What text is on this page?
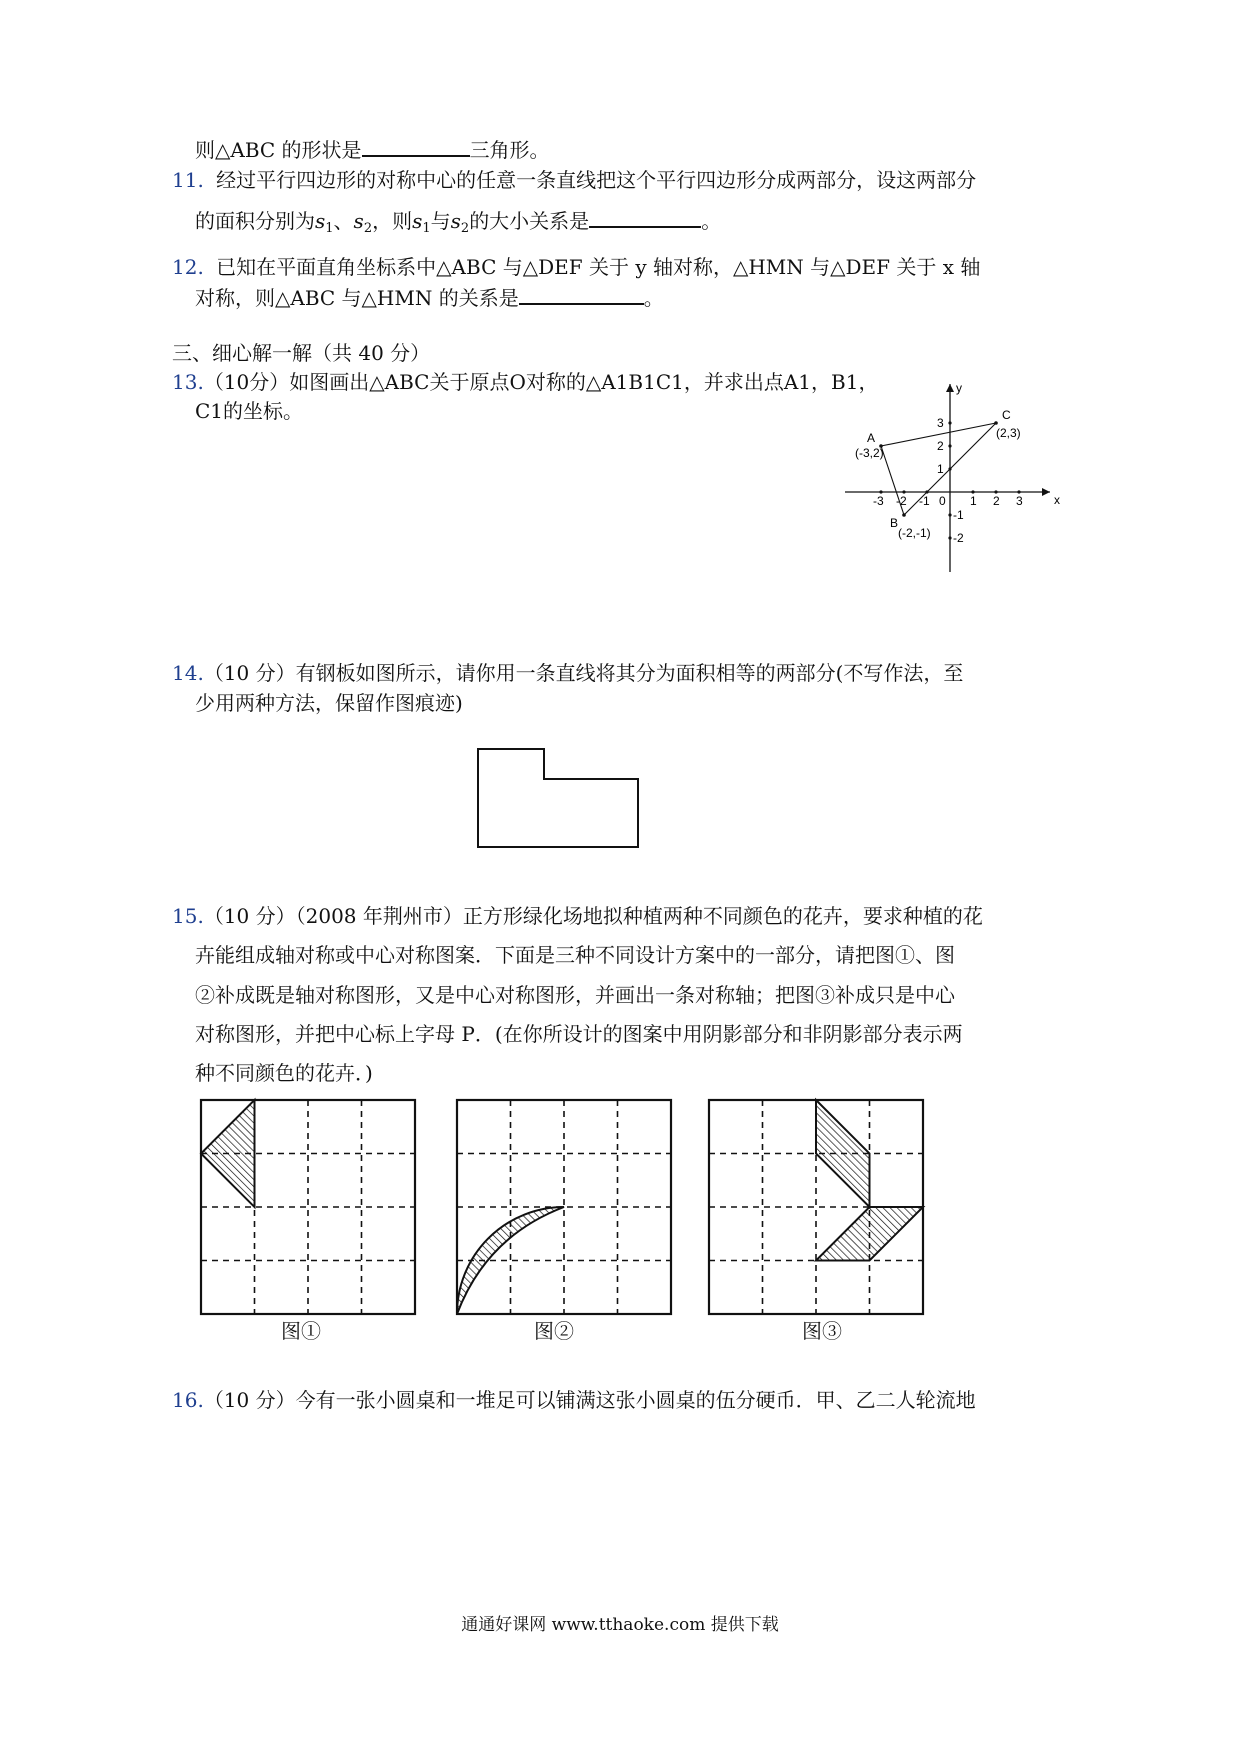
则△ABC 的形状是	三角形。
11. 经过平行四边形的对称中心的任意一条直线把这个平行四边形分成两部分，设这两部分
的面积分别为$s_1$、$s_2$，则$s_1$与$s_2$的大小关系是	。
12. 已知在平面直角坐标系中△ABC 与△DEF 关于 y 轴对称，△HMN 与△DEF 关于 x 轴
对称，则△ABC 与△HMN 的关系是	。
三、细心解一解（共 40 分）
13.（10分）如图画出△ABC关于原点O对称的△A1B1C1，并求出点A1，B1，
C1的坐标。
x
y
0
-3 -2 -1	1 2 3
3
2
1
-1
-2
A
(-3,2)
B
(-2,-1)
C
(2,3)
14.（10 分）有钢板如图所示，请你用一条直线将其分为面积相等的两部分(不写作法，至
少用两种方法，保留作图痕迹)
15.（10 分）（2008 年荆州市）正方形绿化场地拟种植两种不同颜色的花卉，要求种植的花
卉能组成轴对称或中心对称图案．下面是三种不同设计方案中的一部分，请把图①、图
②补成既是轴对称图形，又是中心对称图形，并画出一条对称轴；把图③补成只是中心
对称图形，并把中心标上字母 P．(在你所设计的图案中用阴影部分和非阴影部分表示两
种不同颜色的花卉．)
图①	图②	图③
16.（10 分）今有一张小圆桌和一堆足可以铺满这张小圆桌的伍分硬币．甲、乙二人轮流地
通通好课网 www.tthaoke.com 提供下载
